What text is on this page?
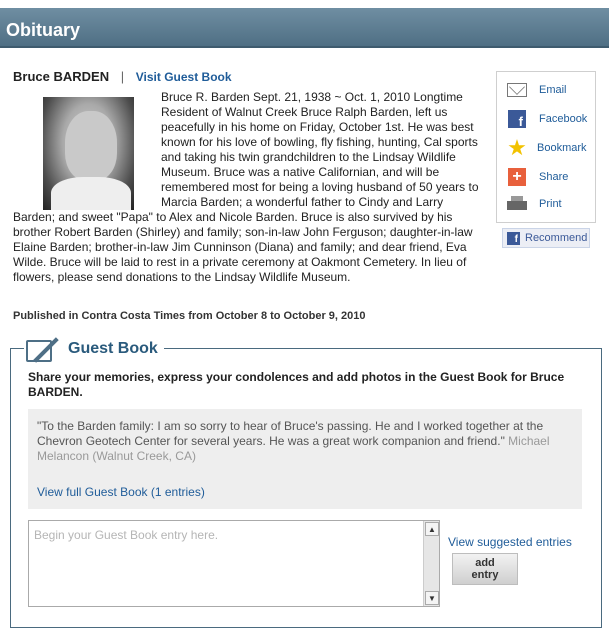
Obituary
Bruce BARDEN | Visit Guest Book
Bruce R. Barden Sept. 21, 1938 ~ Oct. 1, 2010 Longtime Resident of Walnut Creek Bruce Ralph Barden, left us peacefully in his home on Friday, October 1st. He was best known for his love of bowling, fly fishing, hunting, Cal sports and taking his twin grandchildren to the Lindsay Wildlife Museum. Bruce was a native Californian, and will be remembered most for being a loving husband of 50 years to Marcia Barden; a wonderful father to Cindy and Larry Barden; and sweet "Papa" to Alex and Nicole Barden. Bruce is also survived by his brother Robert Barden (Shirley) and family; son-in-law John Ferguson; daughter-in-law Elaine Barden; brother-in-law Jim Cunninson (Diana) and family; and dear friend, Eva Wilde. Bruce will be laid to rest in a private ceremony at Oakmont Cemetery. In lieu of flowers, please send donations to the Lindsay Wildlife Museum.
Published in Contra Costa Times from October 8 to October 9, 2010
Email
f Facebook
★ Bookmark
+	Share
Print
f Recommend
Guest Book
Share your memories, express your condolences and add photos in the Guest Book for Bruce BARDEN.
"To the Barden family: I am so sorry to hear of Bruce's passing. He and I worked together at the Chevron Geotech Center for several years. He was a great work companion and friend." Michael Melancon (Walnut Creek, CA)
View full Guest Book (1 entries)
Begin your Guest Book entry here.	▲
▼
View suggested entries
add
entry
